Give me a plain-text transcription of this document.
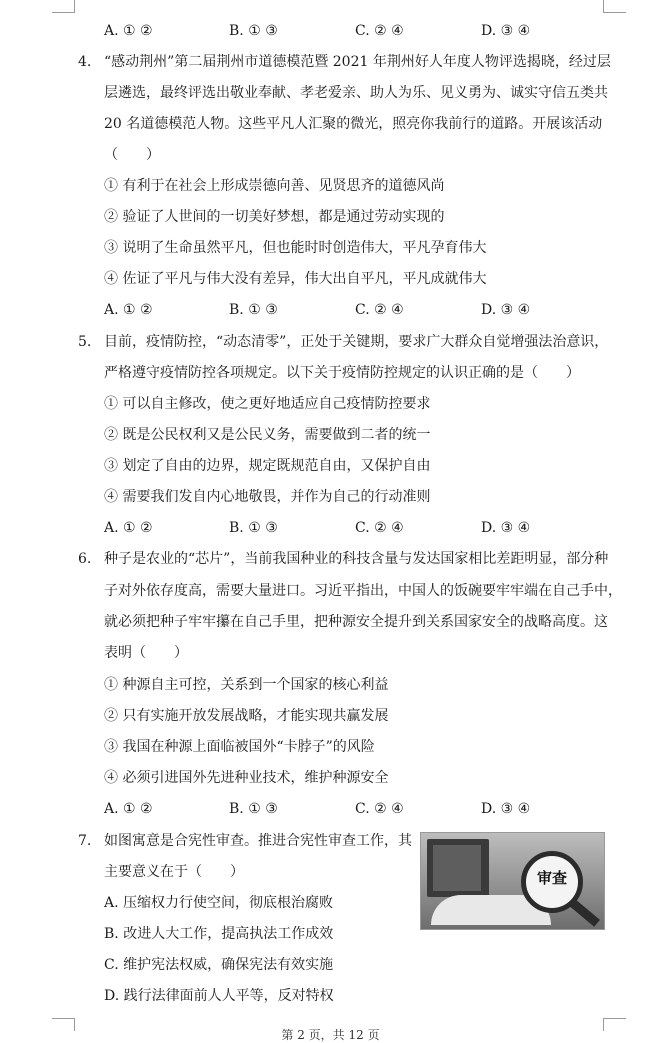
A. ① ②	B. ① ③	C. ② ④	D. ③ ④
4. “感动荆州”第二届荆州市道德模范暨 2021 年荆州好人年度人物评选揭晓，经过层
层遴选，最终评选出敬业奉献、孝老爱亲、助人为乐、见义勇为、诚实守信五类共
20 名道德模范人物。这些平凡人汇聚的微光，照亮你我前行的道路。开展该活动
（　　）
① 有利于在社会上形成崇德向善、见贤思齐的道德风尚
② 验证了人世间的一切美好梦想，都是通过劳动实现的
③ 说明了生命虽然平凡，但也能时时创造伟大，平凡孕育伟大
④ 佐证了平凡与伟大没有差异，伟大出自平凡，平凡成就伟大
A. ① ②	B. ① ③	C. ② ④	D. ③ ④
5. 目前，疫情防控，“动态清零”，正处于关键期，要求广大群众自觉增强法治意识，
严格遵守疫情防控各项规定。以下关于疫情防控规定的认识正确的是（　　）
① 可以自主修改，使之更好地适应自己疫情防控要求
② 既是公民权利又是公民义务，需要做到二者的统一
③ 划定了自由的边界，规定既规范自由，又保护自由
④ 需要我们发自内心地敬畏，并作为自己的行动准则
A. ① ②	B. ① ③	C. ② ④	D. ③ ④
6. 种子是农业的“芯片”，当前我国种业的科技含量与发达国家相比差距明显，部分种
子对外依存度高，需要大量进口。习近平指出，中国人的饭碗要牢牢端在自己手中，
就必须把种子牢牢攥在自己手里，把种源安全提升到关系国家安全的战略高度。这
表明（　　）
① 种源自主可控，关系到一个国家的核心利益
② 只有实施开放发展战略，才能实现共赢发展
③ 我国在种源上面临被国外“卡脖子”的风险
④ 必须引进国外先进种业技术，维护种源安全
A. ① ②	B. ① ③	C. ② ④	D. ③ ④
7. 如图寓意是合宪性审查。推进合宪性审查工作，其
主要意义在于（　　）
A. 压缩权力行使空间，彻底根治腐败
B. 改进人大工作，提高执法工作成效
C. 维护宪法权威，确保宪法有效实施
D. 践行法律面前人人平等，反对特权
审查
第 2 页，共 12 页
